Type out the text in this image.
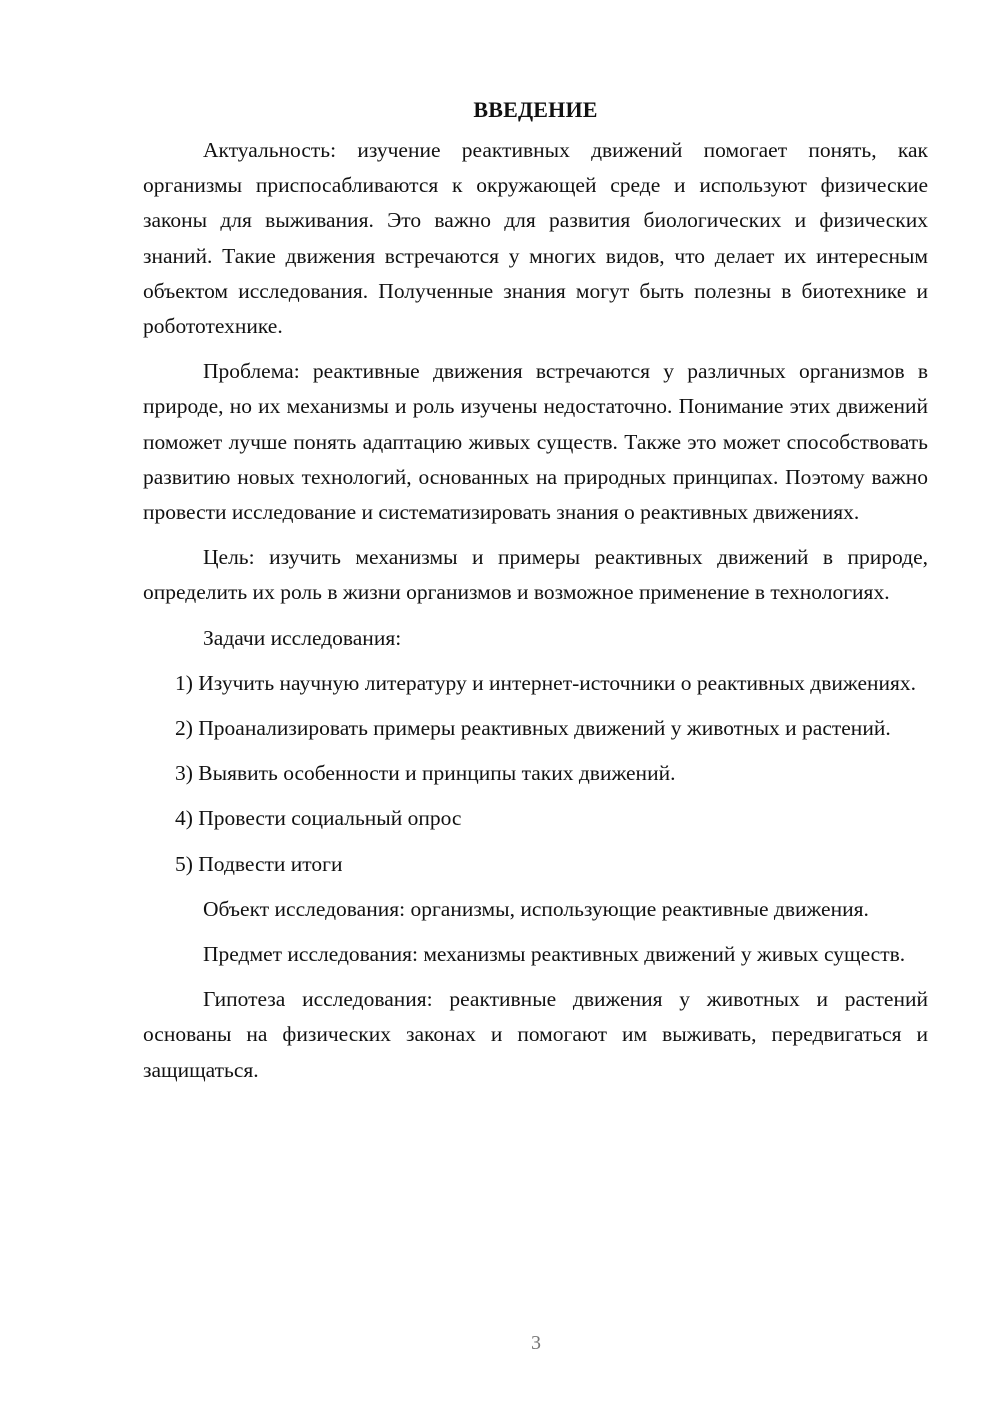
ВВЕДЕНИЕ

Актуальность: изучение реактивных движений помогает понять, как организмы приспосабливаются к окружающей среде и используют физические законы для выживания. Это важно для развития биологических и физических знаний. Такие движения встречаются у многих видов, что делает их интересным объектом исследования. Полученные знания могут быть полезны в биотехнике и робототехнике.

Проблема: реактивные движения встречаются у различных организмов в природе, но их механизмы и роль изучены недостаточно. Понимание этих движений поможет лучше понять адаптацию живых существ. Также это может способствовать развитию новых технологий, основанных на природных принципах. Поэтому важно провести исследование и систематизировать знания о реактивных движениях.

Цель: изучить механизмы и примеры реактивных движений в природе, определить их роль в жизни организмов и возможное применение в технологиях.

Задачи исследования:

1) Изучить научную литературу и интернет-источники о реактивных движениях.
2) Проанализировать примеры реактивных движений у животных и растений.
3) Выявить особенности и принципы таких движений.
4) Провести социальный опрос
5) Подвести итоги

Объект исследования: организмы, использующие реактивные движения.

Предмет исследования: механизмы реактивных движений у живых существ.

Гипотеза исследования: реактивные движения у животных и растений основаны на физических законах и помогают им выживать, передвигаться и защищаться.

3
